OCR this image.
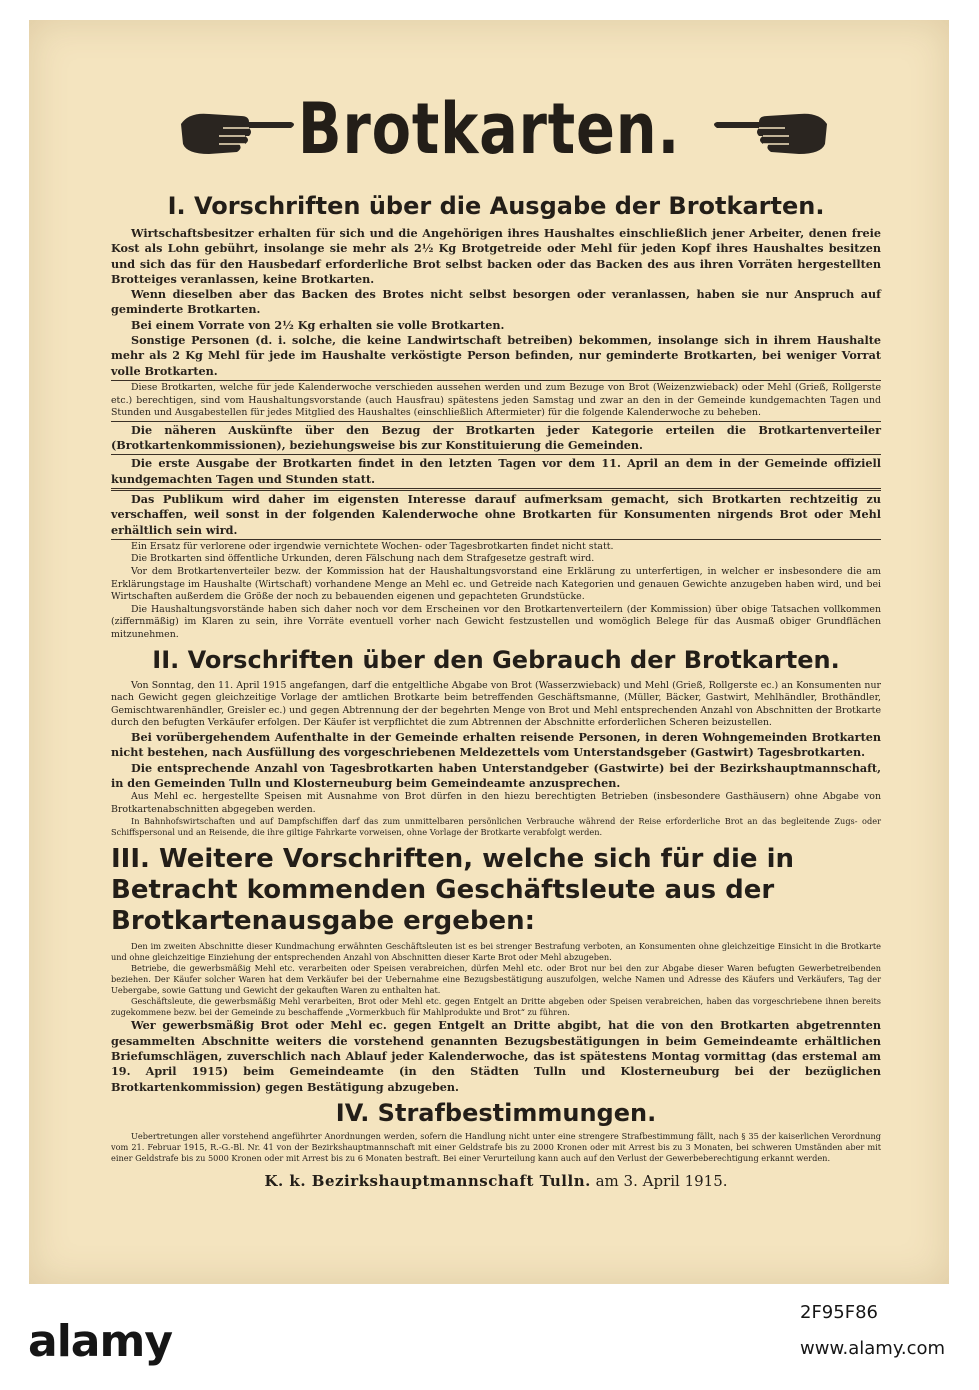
Brotkarten.
I. Vorschriften über die Ausgabe der Brotkarten.

Wirtschaftsbesitzer erhalten für sich und die Angehörigen ihres Haushaltes einschließlich jener Arbeiter, denen freie Kost als Lohn gebührt, insolange sie mehr als 2½ Kg Brotgetreide oder Mehl für jeden Kopf ihres Haushaltes besitzen und sich das für den Hausbedarf erforderliche Brot selbst backen oder das Backen des aus ihren Vorräten hergestellten Brotteiges veranlassen, keine Brotkarten.

Wenn dieselben aber das Backen des Brotes nicht selbst besorgen oder veranlassen, haben sie nur Anspruch auf geminderte Brotkarten.

Bei einem Vorrate von 2½ Kg erhalten sie volle Brotkarten.

Sonstige Personen (d. i. solche, die keine Landwirtschaft betreiben) bekommen, insolange sich in ihrem Haushalte mehr als 2 Kg Mehl für jede im Haushalte verköstigte Person befinden, nur geminderte Brotkarten, bei weniger Vorrat volle Brotkarten.

Diese Brotkarten, welche für jede Kalenderwoche verschieden aussehen werden und zum Bezuge von Brot (Weizenzwieback) oder Mehl (Grieß, Rollgerste etc.) berechtigen, sind vom Haushaltungsvorstande (auch Hausfrau) spätestens jeden Samstag und zwar an den in der Gemeinde kundgemachten Tagen und Stunden und Ausgabestellen für jedes Mitglied des Haushaltes (einschließlich Aftermieter) für die folgende Kalenderwoche zu beheben.

Die näheren Auskünfte über den Bezug der Brotkarten jeder Kategorie erteilen die Brotkartenverteiler (Brotkartenkommissionen), beziehungsweise bis zur Konstituierung die Gemeinden.

Die erste Ausgabe der Brotkarten findet in den letzten Tagen vor dem 11. April an dem in der Gemeinde offiziell kundgemachten Tagen und Stunden statt.

Das Publikum wird daher im eigensten Interesse darauf aufmerksam gemacht, sich Brotkarten rechtzeitig zu verschaffen, weil sonst in der folgenden Kalenderwoche ohne Brotkarten für Konsumenten nirgends Brot oder Mehl erhältlich sein wird.

Ein Ersatz für verlorene oder irgendwie vernichtete Wochen- oder Tagesbrotkarten findet nicht statt.

Die Brotkarten sind öffentliche Urkunden, deren Fälschung nach dem Strafgesetze gestraft wird.

Vor dem Brotkartenverteiler bezw. der Kommission hat der Haushaltungsvorstand eine Erklärung zu unterfertigen, in welcher er insbesondere die am Erklärungstage im Haushalte (Wirtschaft) vorhandene Menge an Mehl ec. und Getreide nach Kategorien und genauen Gewichte anzugeben haben wird, und bei Wirtschaften außerdem die Größe der noch zu bebauenden eigenen und gepachteten Grundstücke.

Die Haushaltungsvorstände haben sich daher noch vor dem Erscheinen vor den Brotkartenverteilern (der Kommission) über obige Tatsachen vollkommen (ziffernmäßig) im Klaren zu sein, ihre Vorräte eventuell vorher nach Gewicht festzustellen und womöglich Belege für das Ausmaß obiger Grundflächen mitzunehmen.

II. Vorschriften über den Gebrauch der Brotkarten.

Von Sonntag, den 11. April 1915 angefangen, darf die entgeltliche Abgabe von Brot (Wasserzwieback) und Mehl (Grieß, Rollgerste ec.) an Konsumenten nur nach Gewicht gegen gleichzeitige Vorlage der amtlichen Brotkarte beim betreffenden Geschäftsmanne, (Müller, Bäcker, Gastwirt, Mehlhändler, Brothändler, Gemischtwarenhändler, Greisler ec.) und gegen Abtrennung der der begehrten Menge von Brot und Mehl entsprechenden Anzahl von Abschnitten der Brotkarte durch den befugten Verkäufer erfolgen. Der Käufer ist verpflichtet die zum Abtrennen der Abschnitte erforderlichen Scheren beizustellen.

Bei vorübergehendem Aufenthalte in der Gemeinde erhalten reisende Personen, in deren Wohngemeinden Brotkarten nicht bestehen, nach Ausfüllung des vorgeschriebenen Meldezettels vom Unterstandsgeber (Gastwirt) Tagesbrotkarten.

Die entsprechende Anzahl von Tagesbrotkarten haben Unterstandgeber (Gastwirte) bei der Bezirkshauptmannschaft, in den Gemeinden Tulln und Klosterneuburg beim Gemeindeamte anzusprechen.

Aus Mehl ec. hergestellte Speisen mit Ausnahme von Brot dürfen in den hiezu berechtigten Betrieben (insbesondere Gasthäusern) ohne Abgabe von Brotkartenabschnitten abgegeben werden.

In Bahnhofswirtschaften und auf Dampfschiffen darf das zum unmittelbaren persönlichen Verbrauche während der Reise erforderliche Brot an das begleitende Zugs- oder Schiffspersonal und an Reisende, die ihre giltige Fahrkarte vorweisen, ohne Vorlage der Brotkarte verabfolgt werden.

III. Weitere Vorschriften, welche sich für die in Betracht kommenden Geschäftsleute aus der Brotkartenausgabe ergeben:

Den im zweiten Abschnitte dieser Kundmachung erwähnten Geschäftsleuten ist es bei strenger Bestrafung verboten, an Konsumenten ohne gleichzeitige Einsicht in die Brotkarte und ohne gleichzeitige Einziehung der entsprechenden Anzahl von Abschnitten dieser Karte Brot oder Mehl abzugeben.

Betriebe, die gewerbsmäßig Mehl etc. verarbeiten oder Speisen verabreichen, dürfen Mehl etc. oder Brot nur bei den zur Abgabe dieser Waren befugten Gewerbetreibenden beziehen. Der Käufer solcher Waren hat dem Verkäufer bei der Uebernahme eine Bezugsbestätigung auszufolgen, welche Namen und Adresse des Käufers und Verkäufers, Tag der Uebergabe, sowie Gattung und Gewicht der gekauften Waren zu enthalten hat.

Geschäftsleute, die gewerbsmäßig Mehl verarbeiten, Brot oder Mehl etc. gegen Entgelt an Dritte abgeben oder Speisen verabreichen, haben das vorgeschriebene ihnen bereits zugekommene bezw. bei der Gemeinde zu beschaffende „Vormerkbuch für Mahlprodukte und Brot“ zu führen.

Wer gewerbsmäßig Brot oder Mehl ec. gegen Entgelt an Dritte abgibt, hat die von den Brotkarten abgetrennten gesammelten Abschnitte weiters die vorstehend genannten Bezugsbestätigungen in beim Gemeindeamte erhältlichen Briefumschlägen, zuverschlich nach Ablauf jeder Kalenderwoche, das ist spätestens Montag vormittag (das erstemal am 19. April 1915) beim Gemeindeamte (in den Städten Tulln und Klosterneuburg bei der bezüglichen Brotkartenkommission) gegen Bestätigung abzugeben.

IV. Strafbestimmungen.

Uebertretungen aller vorstehend angeführter Anordnungen werden, sofern die Handlung nicht unter eine strengere Strafbestimmung fällt, nach § 35 der kaiserlichen Verordnung vom 21. Februar 1915, R.-G.-Bl. Nr. 41 von der Bezirkshauptmannschaft mit einer Geldstrafe bis zu 2000 Kronen oder mit Arrest bis zu 3 Monaten, bei schweren Umständen aber mit einer Geldstrafe bis zu 5000 Kronen oder mit Arrest bis zu 6 Monaten bestraft. Bei einer Verurteilung kann auch auf den Verlust der Gewerbeberechtigung erkannt werden.

K. k. Bezirkshauptmannschaft Tulln. am 3. April 1915.
alamy
2F95F86
www.alamy.com
